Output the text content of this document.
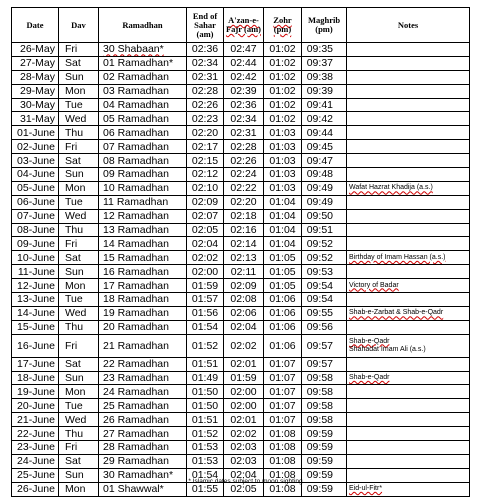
Date	Dav	Ramadhan	End of Sahar (am)	A'zan-e-Fajr (am)	Zohr (pm)	Maghrib (pm)	Notes
26-May	Fri	30 Shabaan*	02:36	02:47	01:02	09:35	
27-May	Sat	01 Ramadhan*	02:34	02:44	01:02	09:37	
28-May	Sun	02 Ramadhan	02:31	02:42	01:02	09:38	
29-May	Mon	03 Ramadhan	02:28	02:39	01:02	09:39	
30-May	Tue	04 Ramadhan	02:26	02:36	01:02	09:41	
31-May	Wed	05 Ramadhan	02:23	02:34	01:02	09:42	
01-June	Thu	06 Ramadhan	02:20	02:31	01:03	09:44	
02-June	Fri	07 Ramadhan	02:17	02:28	01:03	09:45	
03-June	Sat	08 Ramadhan	02:15	02:26	01:03	09:47	
04-June	Sun	09 Ramadhan	02:12	02:24	01:03	09:48	
05-June	Mon	10 Ramadhan	02:10	02:22	01:03	09:49	Wafat Hazrat Khadija (a.s.)
06-June	Tue	11 Ramadhan	02:09	02:20	01:04	09:49	
07-June	Wed	12 Ramadhan	02:07	02:18	01:04	09:50	
08-June	Thu	13 Ramadhan	02:05	02:16	01:04	09:51	
09-June	Fri	14 Ramadhan	02:04	02:14	01:04	09:52	
10-June	Sat	15 Ramadhan	02:02	02:13	01:05	09:52	Birthday of Imam Hassan (a.s.)
11-June	Sun	16 Ramadhan	02:00	02:11	01:05	09:53	
12-June	Mon	17 Ramadhan	01:59	02:09	01:05	09:54	Victory of Badar
13-June	Tue	18 Ramadhan	01:57	02:08	01:06	09:54	
14-June	Wed	19 Ramadhan	01:56	02:06	01:06	09:55	Shab-e-Zarbat & Shab-e-Qadr
15-June	Thu	20 Ramadhan	01:54	02:04	01:06	09:56	
16-June	Fri	21 Ramadhan	01:52	02:02	01:06	09:57	Shab-e-Qadr
Shahadat Imam Ali (a.s.)
17-June	Sat	22 Ramadhan	01:51	02:01	01:07	09:57	
18-June	Sun	23 Ramadhan	01:49	01:59	01:07	09:58	Shab-e-Qadr
19-June	Mon	24 Ramadhan	01:50	02:00	01:07	09:58	
20-June	Tue	25 Ramadhan	01:50	02:00	01:07	09:58	
21-June	Wed	26 Ramadhan	01:51	02:01	01:07	09:58	
22-June	Thu	27 Ramadhan	01:52	02:02	01:08	09:59	
23-June	Fri	28 Ramadhan	01:53	02:03	01:08	09:59	
24-June	Sat	29 Ramadhan	01:53	02:03	01:08	09:59	
25-June	Sun	30 Ramadhan*	01:54	02:04	01:08	09:59	
26-June	Mon	01 Shawwal*	01:55	02:05	01:08	09:59	Eid-ul-Fitr*
* Islamic dates subject to moon sighting
